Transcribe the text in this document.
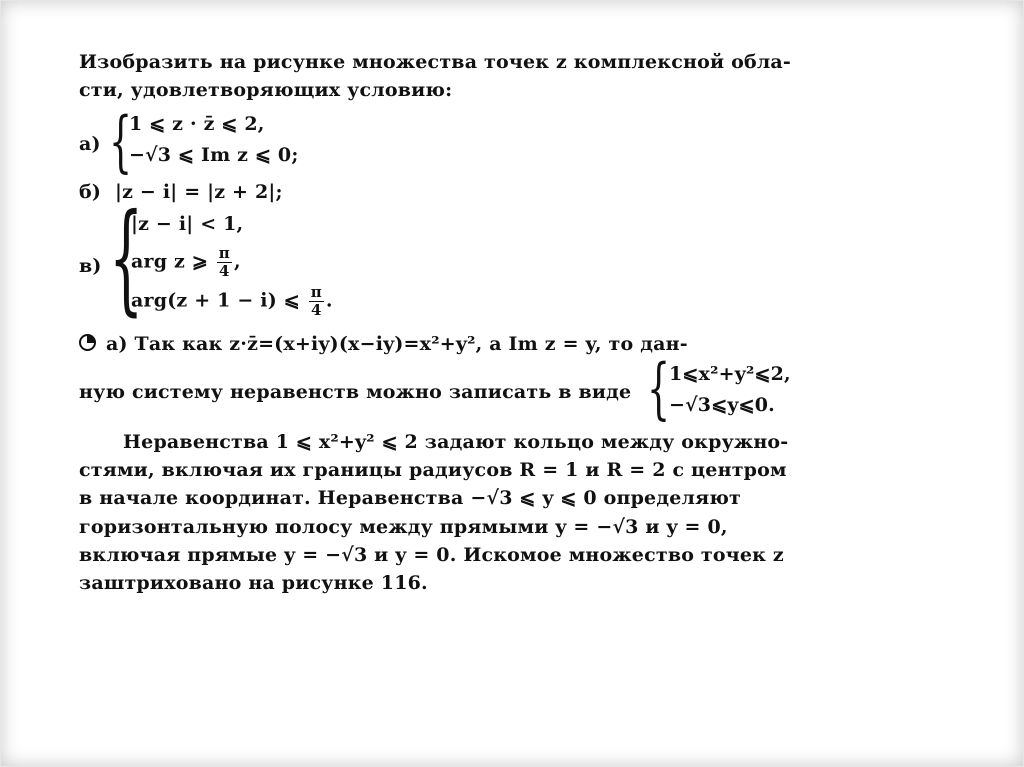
Изобразить на рисунке множества точек z комплексной обла-
сти, удовлетворяющих условию:
а) {
1 ⩽ z · z̄ ⩽ 2,
−√3 ⩽ Im z ⩽ 0;
б) |z − i| = |z + 2|;
в) {
|z − i| < 1,
arg z ⩾ $\frac{\pi}{4}$ ,
arg(z + 1 − i) ⩽ $\frac{\pi}{4}$ .
а) Так как z·z̄=(x+iy)(x−iy)=x²+y², а Im z = y, то дан-
ную систему неравенств можно записать в виде {
1⩽x²+y²⩽2,
−√3⩽y⩽0.
Неравенства 1 ⩽ x²+y² ⩽ 2 задают кольцо между окружно-
стями, включая их границы радиусов R = 1 и R = 2 с центром
в начале координат. Неравенства −√3 ⩽ y ⩽ 0 определяют
горизонтальную полосу между прямыми y = −√3 и y = 0,
включая прямые y = −√3 и y = 0. Искомое множество точек z
заштриховано на рисунке 116.
